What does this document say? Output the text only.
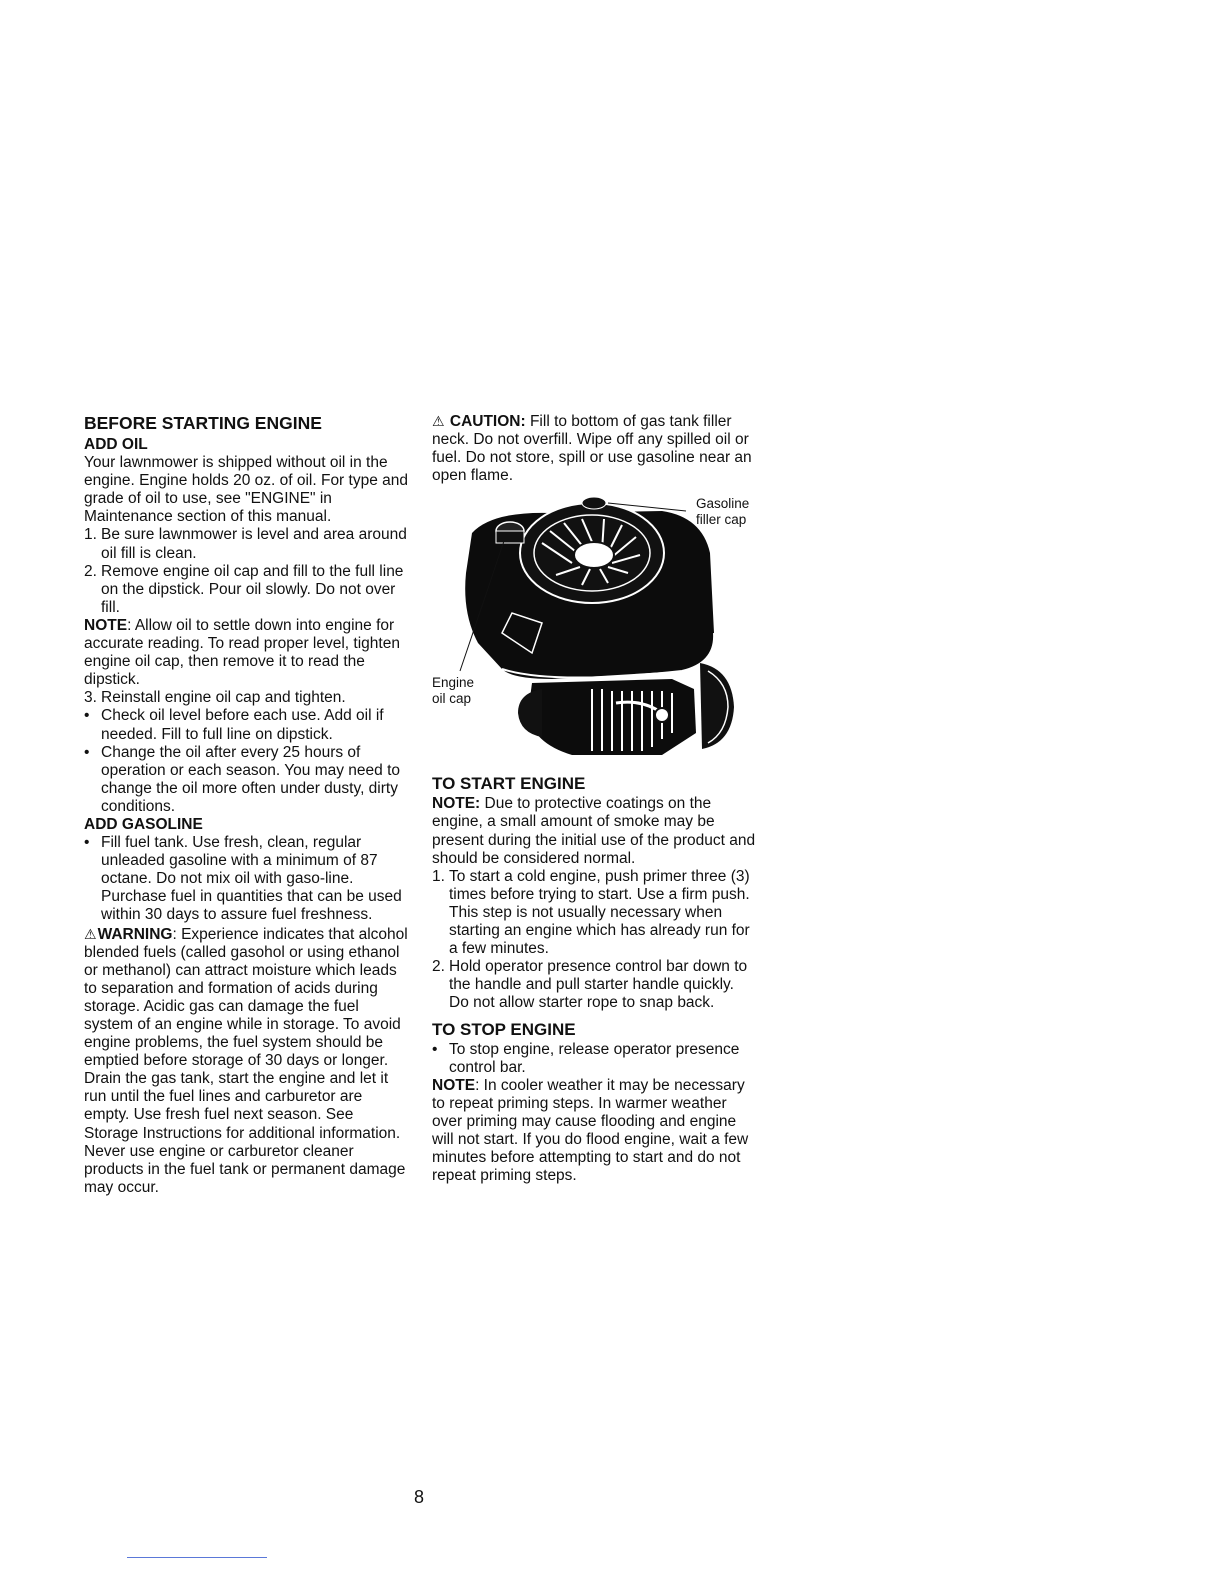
BEFORE STARTING ENGINE
ADD OIL

Your lawnmower is shipped without oil in the engine. Engine holds 20 oz. of oil. For type and grade of oil to use, see "ENGINE" in Maintenance section of this manual.

1. Be sure lawnmower is level and area around oil fill is clean.
2. Remove engine oil cap and fill to the full line on the dipstick. Pour oil slowly. Do not over fill.

NOTE: Allow oil to settle down into engine for accurate reading. To read proper level, tighten engine oil cap, then remove it to read the dipstick.

3. Reinstall engine oil cap and tighten.
• Check oil level before each use. Add oil if needed. Fill to full line on dipstick.
• Change the oil after every 25 hours of operation or each season. You may need to change the oil more often under dusty, dirty conditions.
ADD GASOLINE
• Fill fuel tank. Use fresh, clean, regular unleaded gasoline with a minimum of 87 octane. Do not mix oil with gaso-line. Purchase fuel in quantities that can be used within 30 days to assure fuel freshness.

⚠WARNING: Experience indicates that alcohol blended fuels (called gasohol or using ethanol or methanol) can attract moisture which leads to separation and formation of acids during storage. Acidic gas can damage the fuel system of an engine while in storage. To avoid engine problems, the fuel system should be emptied before storage of 30 days or longer. Drain the gas tank, start the engine and let it run until the fuel lines and carburetor are empty. Use fresh fuel next season. See Storage Instructions for additional information. Never use engine or carburetor cleaner products in the fuel tank or permanent damage may occur.

⚠ CAUTION: Fill to bottom of gas tank filler neck. Do not overfill. Wipe off any spilled oil or fuel. Do not store, spill or use gasoline near an open flame.

Gasoline filler cap
Engine oil cap
TO START ENGINE

NOTE: Due to protective coatings on the engine, a small amount of smoke may be present during the initial use of the product and should be considered normal.

1. To start a cold engine, push primer three (3) times before trying to start. Use a firm push. This step is not usually necessary when starting an engine which has already run for a few minutes.
2. Hold operator presence control bar down to the handle and pull starter handle quickly. Do not allow starter rope to snap back.
TO STOP ENGINE
• To stop engine, release operator presence control bar.

NOTE: In cooler weather it may be necessary to repeat priming steps. In warmer weather over priming may cause flooding and engine will not start. If you do flood engine, wait a few minutes before attempting to start and do not repeat priming steps.

8
